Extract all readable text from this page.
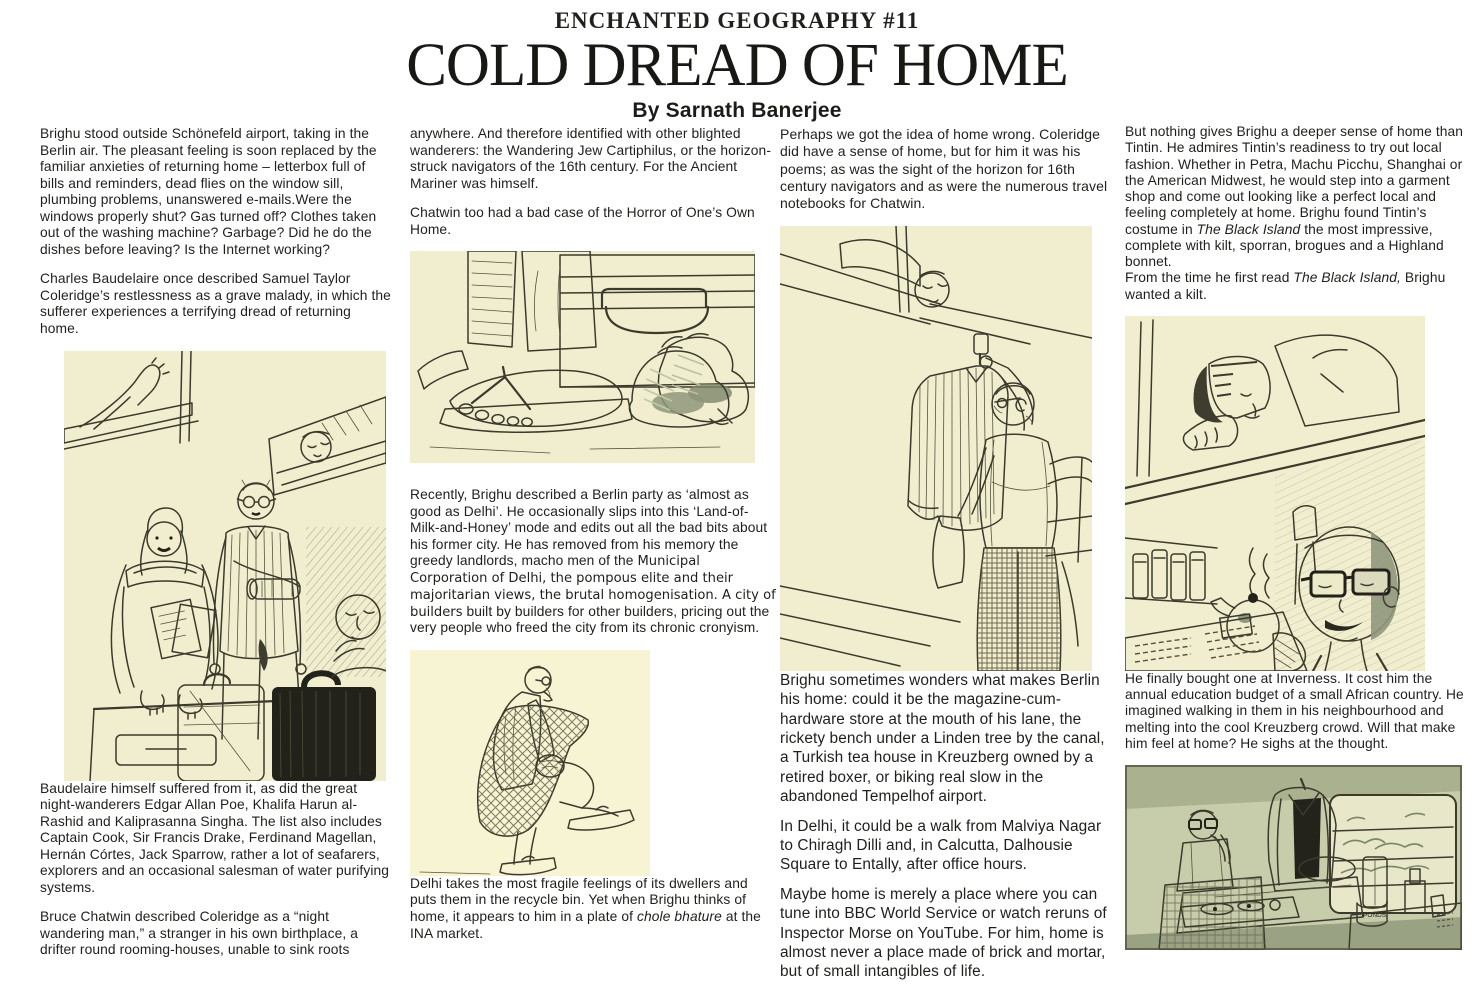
ENCHANTED GEOGRAPHY #11
COLD DREAD OF HOME
By Sarnath Banerjee

Brighu stood outside Schönefeld airport, taking in the Berlin air. The pleasant feeling is soon replaced by the familiar anxieties of returning home – letterbox full of bills and reminders, dead flies on the window sill, plumbing problems, unanswered e-mails.Were the windows properly shut? Gas turned off? Clothes taken out of the washing machine? Garbage? Did he do the dishes before leaving? Is the Internet working?

Charles Baudelaire once described Samuel Taylor Coleridge’s restlessness as a grave malady, in which the sufferer experiences a terrifying dread of returning home.

Baudelaire himself suffered from it, as did the great night-wanderers Edgar Allan Poe, Khalifa Harun al-Rashid and Kaliprasanna Singha. The list also includes Captain Cook, Sir Francis Drake, Ferdinand Magellan, Hernán Córtes, Jack Sparrow, rather a lot of seafarers, explorers and an occasional salesman of water purifying systems.

Bruce Chatwin described Coleridge as a “night wandering man,” a stranger in his own birthplace, a drifter round rooming-houses, unable to sink roots

anywhere. And therefore identified with other blighted wanderers: the Wandering Jew Cartiphilus, or the horizon-struck navigators of the 16th century. For the Ancient Mariner was himself.

Chatwin too had a bad case of the Horror of One’s Own Home.

Recently, Brighu described a Berlin party as ‘almost as good as Delhi’. He occasionally slips into this ‘Land-of-Milk-and-Honey’ mode and edits out all the bad bits about his former city. He has removed from his memory the greedy landlords, macho men of the Municipal Corporation of Delhi, the pompous elite and their majoritarian views, the brutal homogenisation. A city of builders built by builders for other builders, pricing out the very people who freed the city from its chronic cronyism.

Delhi takes the most fragile feelings of its dwellers and puts them in the recycle bin. Yet when Brighu thinks of home, it appears to him in a plate of chole bhature at the INA market.

Perhaps we got the idea of home wrong. Coleridge did have a sense of home, but for him it was his poems; as was the sight of the horizon for 16th century navigators and as were the numerous travel notebooks for Chatwin.

Brighu sometimes wonders what makes Berlin his home: could it be the magazine-cum-hardware store at the mouth of his lane, the rickety bench under a Linden tree by the canal, a Turkish tea house in Kreuzberg owned by a retired boxer, or biking real slow in the abandoned Tempelhof airport.

In Delhi, it could be a walk from Malviya Nagar to Chiragh Dilli and, in Calcutta, Dalhousie Square to Entally, after office hours.

Maybe home is merely a place where you can tune into BBC World Service or watch reruns of Inspector Morse on YouTube. For him, home is almost never a place made of brick and mortar, but of small intangibles of life.

But nothing gives Brighu a deeper sense of home than Tintin. He admires Tintin’s readiness to try out local fashion. Whether in Petra, Machu Picchu, Shanghai or the American Midwest, he would step into a garment shop and come out looking like a perfect local and feeling completely at home. Brighu found Tintin’s costume in The Black Island the most impressive, complete with kilt, sporran, brogues and a Highland bonnet.
From the time he first read The Black Island, Brighu wanted a kilt.

He finally bought one at Inverness. It cost him the annual education budget of a small African country. He imagined walking in them in his neighbourhood and melting into the cool Kreuzberg crowd. Will that make him feel at home? He sighs at the thought.

PONDS
